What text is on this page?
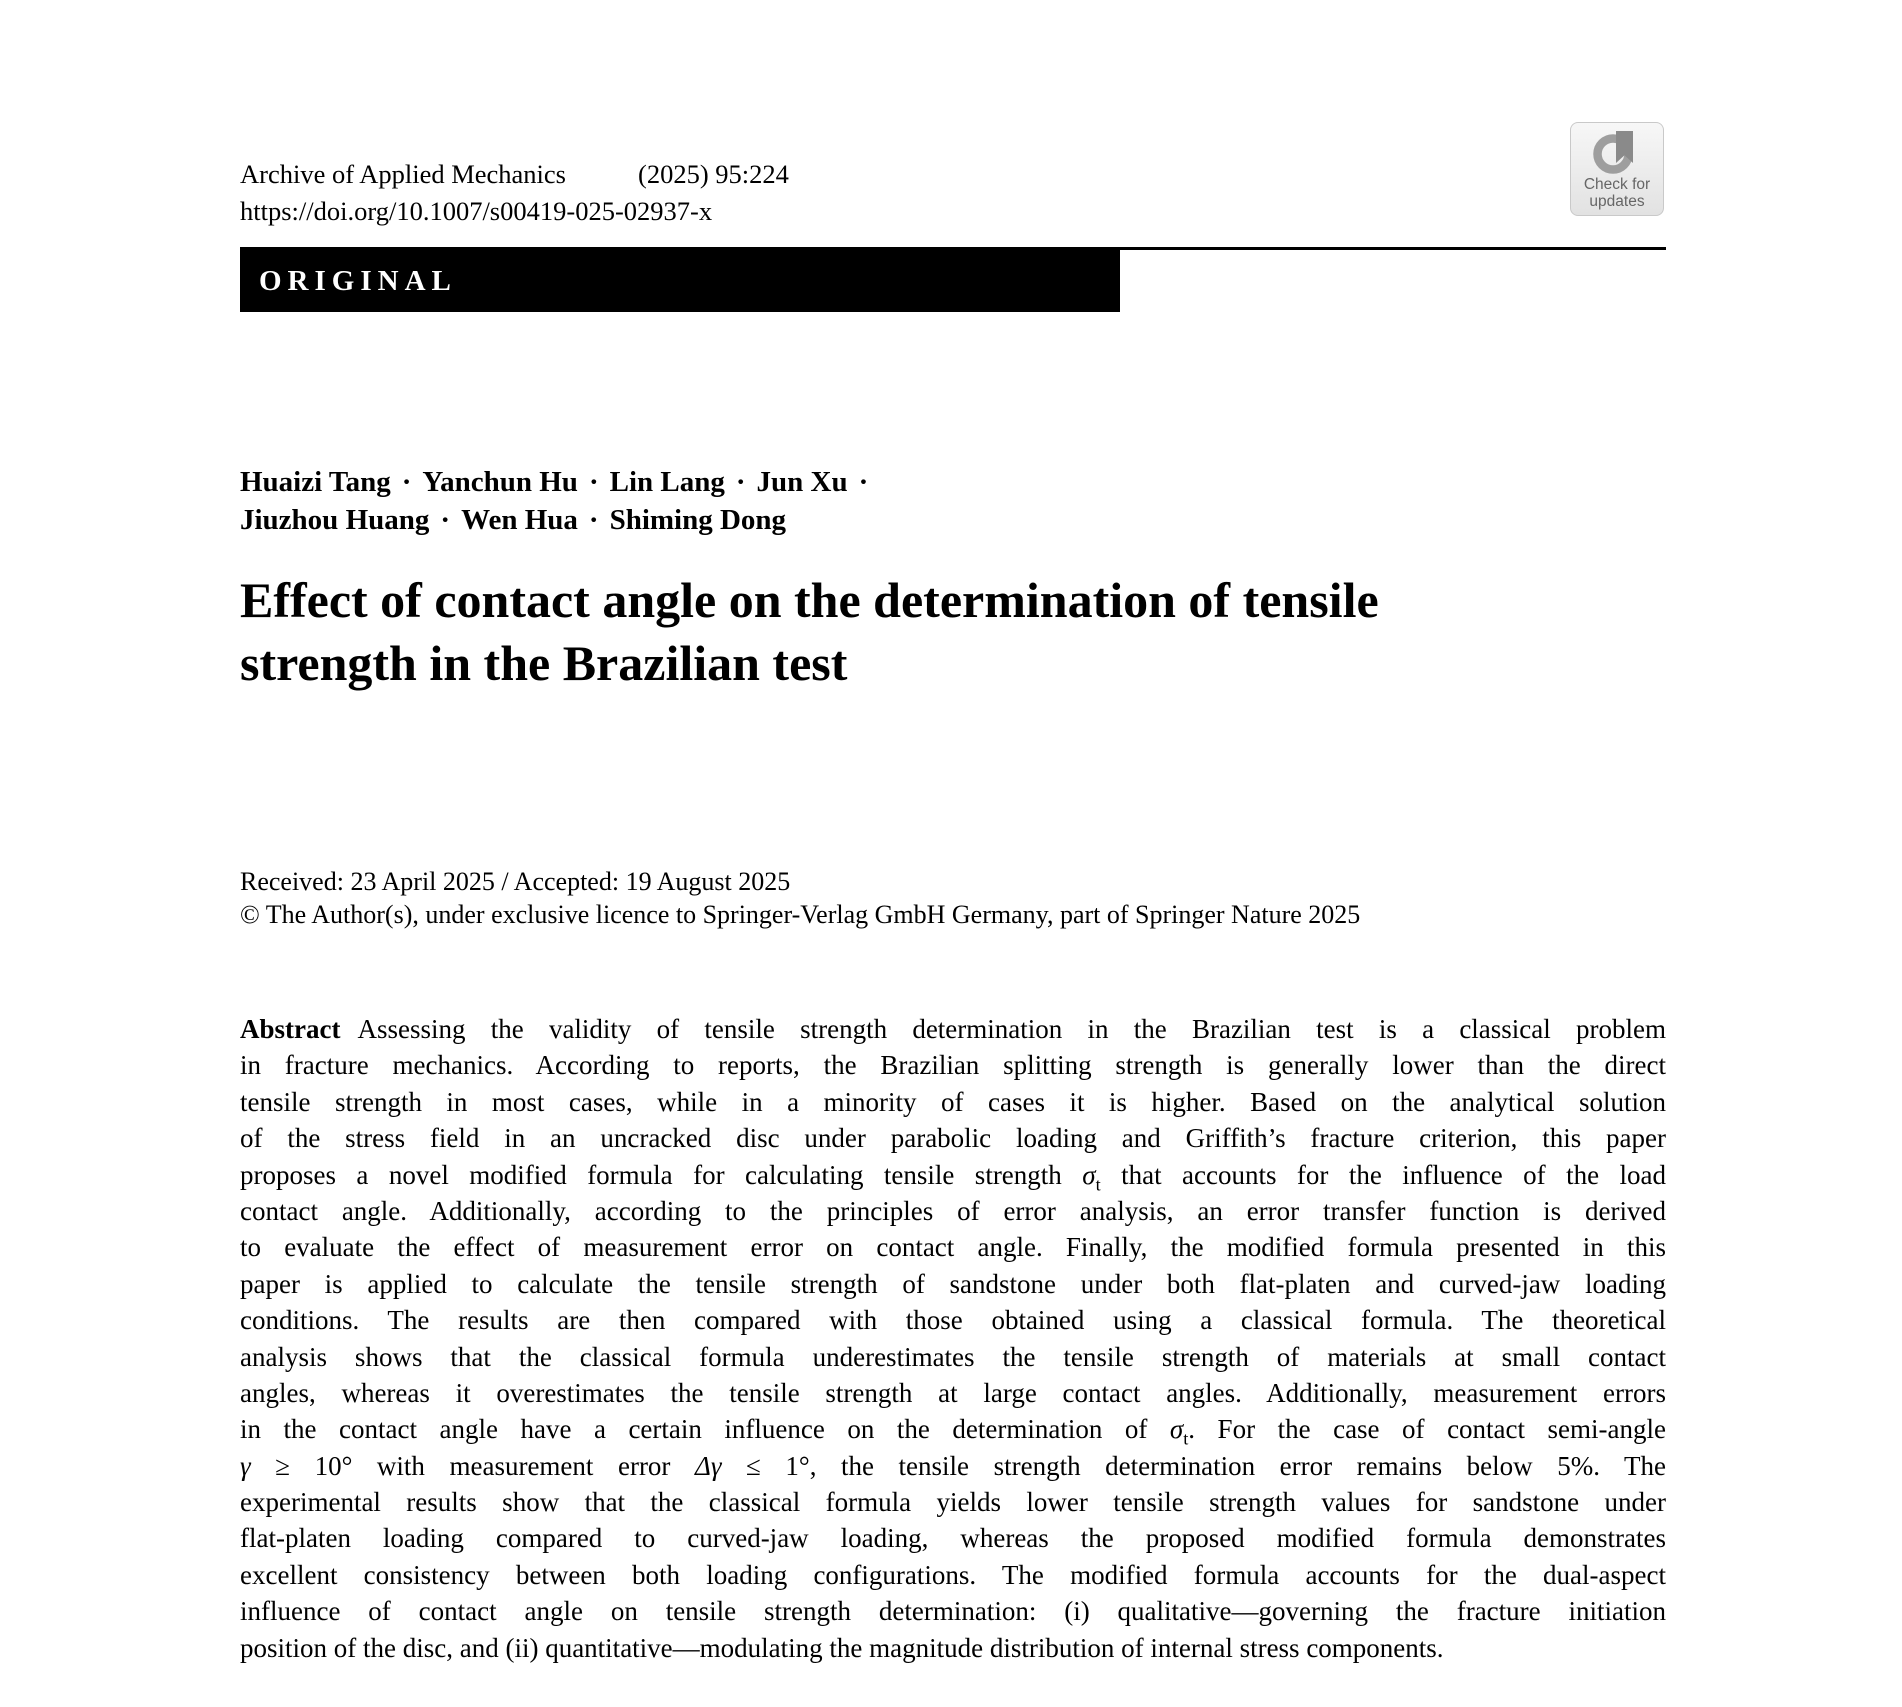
Archive of Applied Mechanics	(2025) 95:224
https://doi.org/10.1007/s00419-025-02937-x
Check for
updates
ORIGINAL
Huaizi Tang · Yanchun Hu · Lin Lang · Jun Xu ·
Jiuzhou Huang · Wen Hua · Shiming Dong
Effect of contact angle on the determination of tensile
strength in the Brazilian test
Received: 23 April 2025 / Accepted: 19 August 2025
© The Author(s), under exclusive licence to Springer-Verlag GmbH Germany, part of Springer Nature 2025
Abstract Assessing the validity of tensile strength determination in the Brazilian test is a classical problem
in fracture mechanics. According to reports, the Brazilian splitting strength is generally lower than the direct
tensile strength in most cases, while in a minority of cases it is higher. Based on the analytical solution
of the stress field in an uncracked disc under parabolic loading and Griffith’s fracture criterion, this paper
proposes a novel modified formula for calculating tensile strength $\sigma_t$ that accounts for the influence of the load
contact angle. Additionally, according to the principles of error analysis, an error transfer function is derived
to evaluate the effect of measurement error on contact angle. Finally, the modified formula presented in this
paper is applied to calculate the tensile strength of sandstone under both flat-platen and curved-jaw loading
conditions. The results are then compared with those obtained using a classical formula. The theoretical
analysis shows that the classical formula underestimates the tensile strength of materials at small contact
angles, whereas it overestimates the tensile strength at large contact angles. Additionally, measurement errors
in the contact angle have a certain influence on the determination of $\sigma_t$. For the case of contact semi-angle
γ ≥ 10° with measurement error Δγ ≤ 1°, the tensile strength determination error remains below 5%. The
experimental results show that the classical formula yields lower tensile strength values for sandstone under
flat-platen loading compared to curved-jaw loading, whereas the proposed modified formula demonstrates
excellent consistency between both loading configurations. The modified formula accounts for the dual-aspect
influence of contact angle on tensile strength determination: (i) qualitative—governing the fracture initiation
position of the disc, and (ii) quantitative—modulating the magnitude distribution of internal stress components.
